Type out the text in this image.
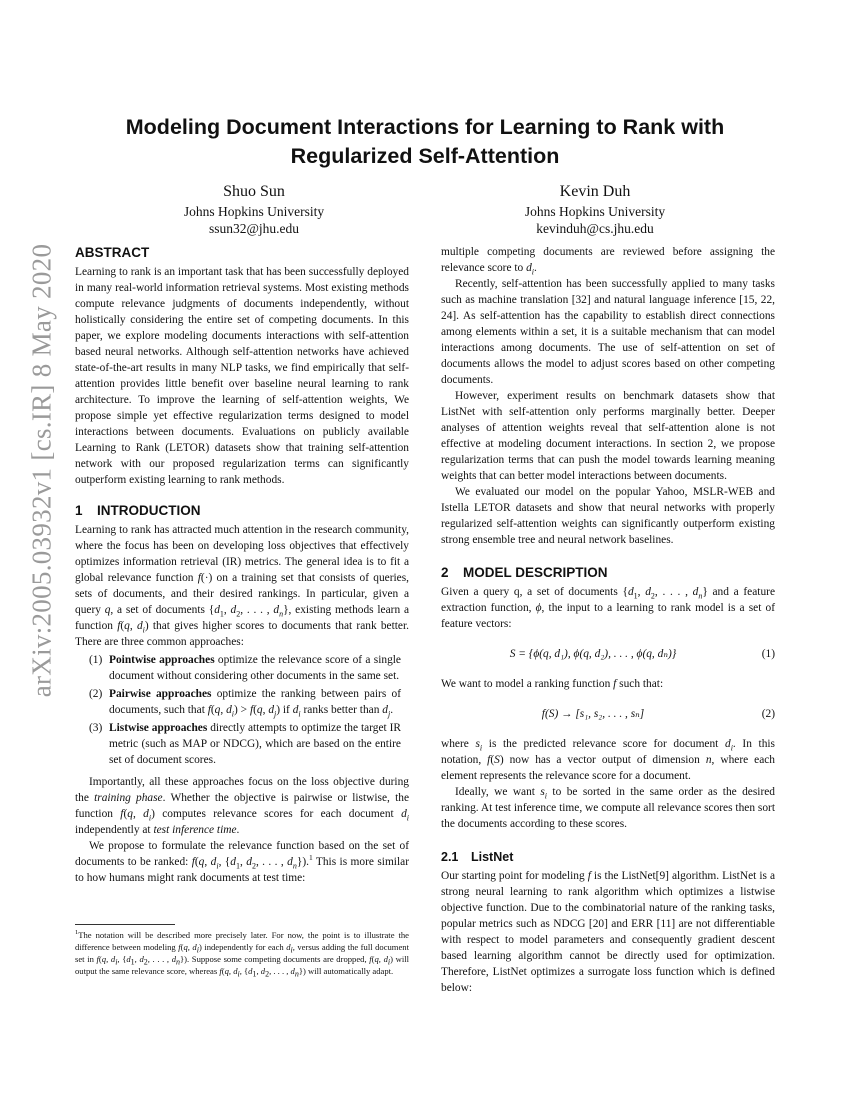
arXiv:2005.03932v1 [cs.IR] 8 May 2020
Modeling Document Interactions for Learning to Rank with Regularized Self-Attention
Shuo Sun
Johns Hopkins University
ssun32@jhu.edu
Kevin Duh
Johns Hopkins University
kevinduh@cs.jhu.edu
ABSTRACT

Learning to rank is an important task that has been successfully deployed in many real-world information retrieval systems. Most existing methods compute relevance judgments of documents independently, without holistically considering the entire set of competing documents. In this paper, we explore modeling documents interactions with self-attention based neural networks. Although self-attention networks have achieved state-of-the-art results in many NLP tasks, we find empirically that self-attention provides little benefit over baseline neural learning to rank architecture. To improve the learning of self-attention weights, We propose simple yet effective regularization terms designed to model interactions between documents. Evaluations on publicly available Learning to Rank (LETOR) datasets show that training self-attention network with our proposed regularization terms can significantly outperform existing learning to rank methods.

1 INTRODUCTION

Learning to rank has attracted much attention in the research community, where the focus has been on developing loss objectives that effectively optimizes information retrieval (IR) metrics. The general idea is to fit a global relevance function f(·) on a training set that consists of queries, sets of documents, and their desired rankings. In particular, given a query q, a set of documents {$d_1$, $d_2$, . . . , $d_n$}, existing methods learn a function f(q, $d_i$) that gives higher scores to documents that rank better. There are three common approaches:

(1) Pointwise approaches optimize the relevance score of a single document without considering other documents in the same set.
(2) Pairwise approaches optimize the ranking between pairs of documents, such that f(q, $d_i) > f(q$, $d_j$) if $d_i$ ranks better than $d_j$.
(3) Listwise approaches directly attempts to optimize the target IR metric (such as MAP or NDCG), which are based on the entire set of document scores.

Importantly, all these approaches focus on the loss objective during the training phase. Whether the objective is pairwise or listwise, the function f(q, $d_i$) computes relevance scores for each document $d_i$ independently at test inference time.

We propose to formulate the relevance function based on the set of documents to be ranked: f(q, $d_i$, {$d_1$, $d_2$, . . . , $d_n\}).^1$ This is more similar to how humans might rank documents at test time:

$^1$The notation will be described more precisely later. For now, the point is to illustrate the difference between modeling f(q, $d_i$) independently for each $d_i$, versus adding the full document set in f(q, $d_i$, {$d_1$, $d_2$, . . . , $d_n$}). Suppose some competing documents are dropped, f(q, $d_i$) will output the same relevance score, whereas f(q, $d_i$, {$d_1$, $d_2$, . . . , $d_n$}) will automatically adapt.

multiple competing documents are reviewed before assigning the relevance score to $d_i$.

Recently, self-attention has been successfully applied to many tasks such as machine translation [32] and natural language inference [15, 22, 24]. As self-attention has the capability to establish direct connections among elements within a set, it is a suitable mechanism that can model interactions among documents. The use of self-attention on set of documents allows the model to adjust scores based on other competing documents.

However, experiment results on benchmark datasets show that ListNet with self-attention only performs marginally better. Deeper analyses of attention weights reveal that self-attention alone is not effective at modeling document interactions. In section 2, we propose regularization terms that can push the model towards learning meaning weights that can better model interactions between documents.

We evaluated our model on the popular Yahoo, MSLR-WEB and Istella LETOR datasets and show that neural networks with properly regularized self-attention weights can significantly outperform existing strong ensemble tree and neural network baselines.

2 MODEL DESCRIPTION

Given a query q, a set of documents {$d_1$, $d_2$, . . . , $d_n$} and a feature extraction function, ϕ, the input to a learning to rank model is a set of feature vectors:

S = {ϕ(q, d₁), ϕ(q, d₂), . . . , ϕ(q, dₙ)}	(1)

We want to model a ranking function f such that:

f(S) → [s₁, s₂, . . . , sₙ]	(2)

where $s_i$ is the predicted relevance score for document $d_i$. In this notation, f(S) now has a vector output of dimension n, where each element represents the relevance score for a document.

Ideally, we want $s_i$ to be sorted in the same order as the desired ranking. At test inference time, we compute all relevance scores then sort the documents according to these scores.

2.1 ListNet

Our starting point for modeling f is the ListNet[9] algorithm. ListNet is a strong neural learning to rank algorithm which optimizes a listwise objective function. Due to the combinatorial nature of the ranking tasks, popular metrics such as NDCG [20] and ERR [11] are not differentiable with respect to model parameters and consequently gradient descent based learning algorithm cannot be directly used for optimization. Therefore, ListNet optimizes a surrogate loss function which is defined below:
